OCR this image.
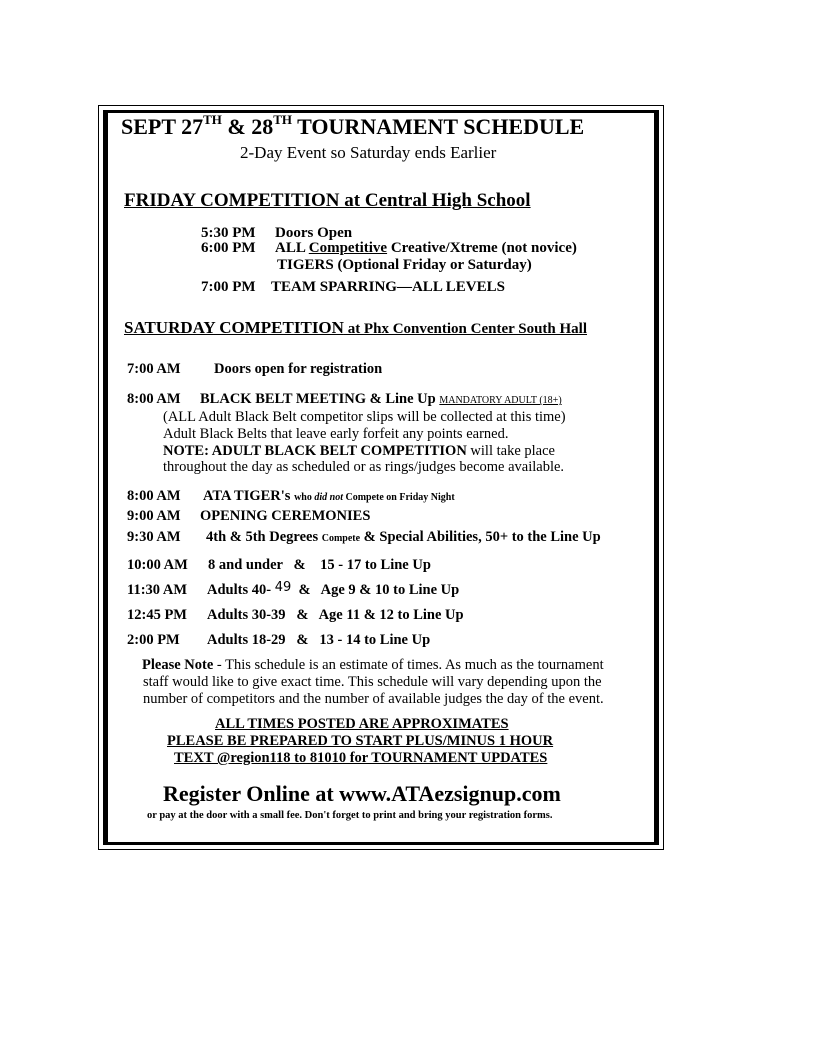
SEPT 27TH & 28TH TOURNAMENT SCHEDULE
2-Day Event so Saturday ends Earlier
FRIDAY COMPETITION at Central High School
5:30 PM Doors Open
6:00 PM ALL Competitive Creative/Xtreme (not novice)
TIGERS (Optional Friday or Saturday)
7:00 PM TEAM SPARRING—ALL LEVELS
SATURDAY COMPETITION at Phx Convention Center South Hall
7:00 AM Doors open for registration
8:00 AM BLACK BELT MEETING & Line Up MANDATORY ADULT (18+)
(ALL Adult Black Belt competitor slips will be collected at this time)
Adult Black Belts that leave early forfeit any points earned.
NOTE: ADULT BLACK BELT COMPETITION will take place
throughout the day as scheduled or as rings/judges become available.
8:00 AM ATA TIGER's who did not Compete on Friday Night
9:00 AM OPENING CEREMONIES
9:30 AM 4th & 5th Degrees Compete & Special Abilities, 50+ to the Line Up
10:00 AM 8 and under   &    15 - 17 to Line Up
11:30 AM Adults 40- 49  &   Age 9 & 10 to Line Up
12:45 PM Adults 30-39   &   Age 11 & 12 to Line Up
2:00 PM Adults 18-29   &   13 - 14 to Line Up
Please Note - This schedule is an estimate of times. As much as the tournament
staff would like to give exact time. This schedule will vary depending upon the
number of competitors and the number of available judges the day of the event.
ALL TIMES POSTED ARE APPROXIMATES
PLEASE BE PREPARED TO START PLUS/MINUS 1 HOUR
TEXT @region118 to 81010 for TOURNAMENT UPDATES
Register Online at www.ATAezsignup.com
or pay at the door with a small fee. Don't forget to print and bring your registration forms.
